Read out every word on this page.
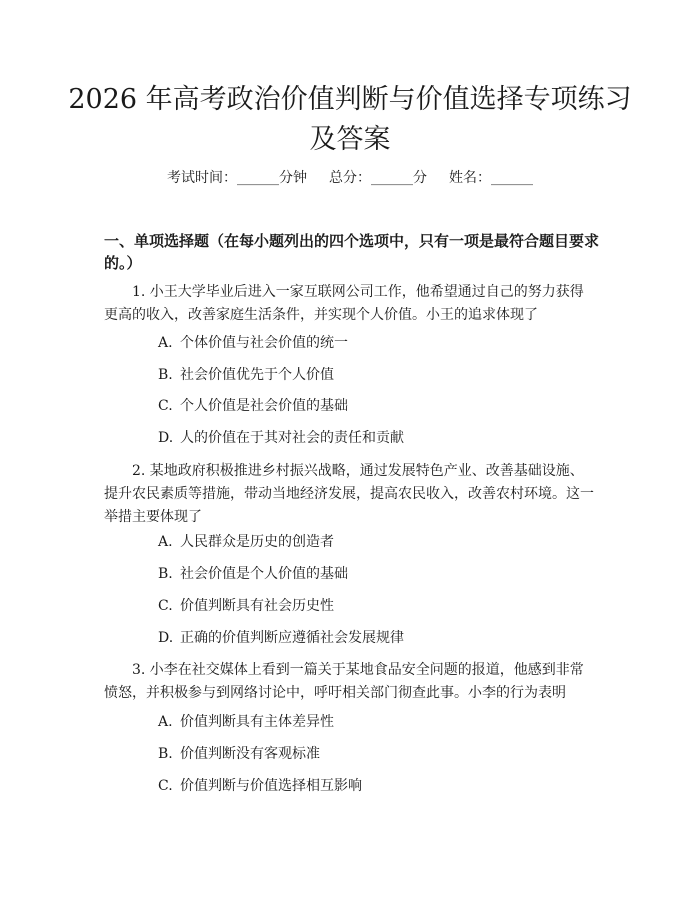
2026 年高考政治价值判断与价值选择专项练习及答案
考试时间：______分钟 总分：______分 姓名：______

一、单项选择题（在每小题列出的四个选项中，只有一项是最符合题目要求的。）

1. 小王大学毕业后进入一家互联网公司工作，他希望通过自己的努力获得更高的收入，改善家庭生活条件，并实现个人价值。小王的追求体现了

A. 个体价值与社会价值的统一

B. 社会价值优先于个人价值

C. 个人价值是社会价值的基础

D. 人的价值在于其对社会的责任和贡献

2. 某地政府积极推进乡村振兴战略，通过发展特色产业、改善基础设施、提升农民素质等措施，带动当地经济发展，提高农民收入，改善农村环境。这一举措主要体现了

A. 人民群众是历史的创造者

B. 社会价值是个人价值的基础

C. 价值判断具有社会历史性

D. 正确的价值判断应遵循社会发展规律

3. 小李在社交媒体上看到一篇关于某地食品安全问题的报道，他感到非常愤怒，并积极参与到网络讨论中，呼吁相关部门彻查此事。小李的行为表明

A. 价值判断具有主体差异性

B. 价值判断没有客观标准

C. 价值判断与价值选择相互影响
